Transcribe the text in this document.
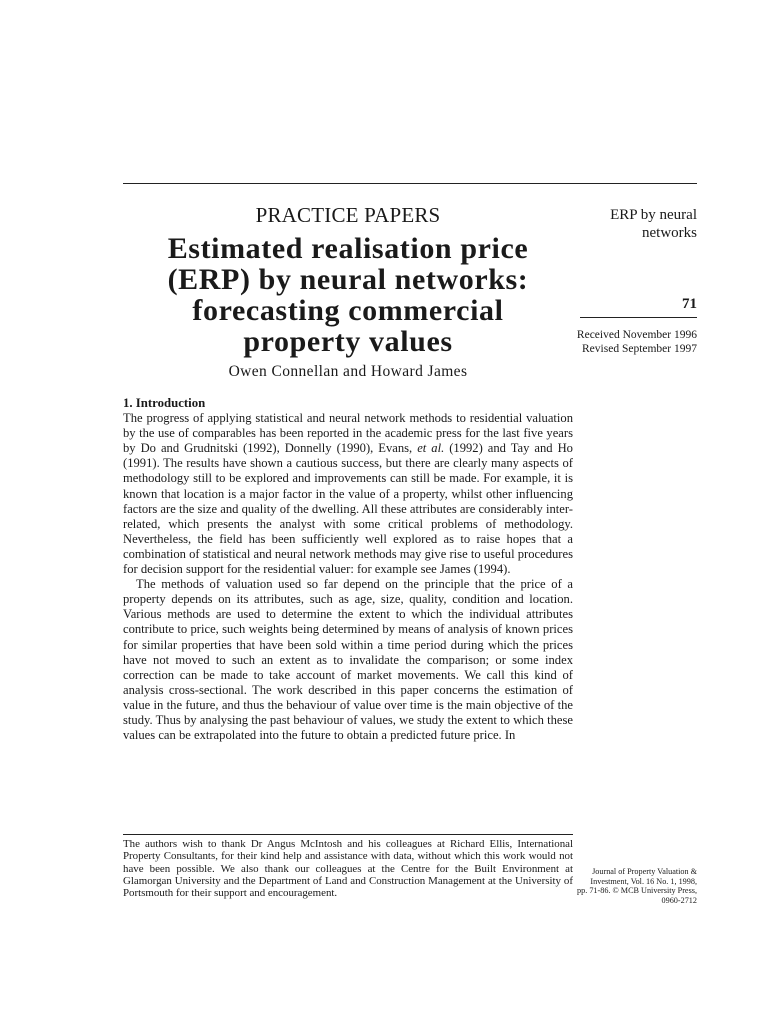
PRACTICE PAPERS
Estimated realisation price
(ERP) by neural networks:
forecasting commercial
property values
Owen Connellan and Howard James
ERP by neural
networks
71
Received November 1996
Revised September 1997

1. Introduction

The progress of applying statistical and neural network methods to residential valuation by the use of comparables has been reported in the academic press for the last five years by Do and Grudnitski (1992), Donnelly (1990), Evans, et al. (1992) and Tay and Ho (1991). The results have shown a cautious success, but there are clearly many aspects of methodology still to be explored and improvements can still be made. For example, it is known that location is a major factor in the value of a property, whilst other influencing factors are the size and quality of the dwelling. All these attributes are considerably inter-related, which presents the analyst with some critical problems of methodology. Nevertheless, the field has been sufficiently well explored as to raise hopes that a combination of statistical and neural network methods may give rise to useful procedures for decision support for the residential valuer: for example see James (1994).

The methods of valuation used so far depend on the principle that the price of a property depends on its attributes, such as age, size, quality, condition and location. Various methods are used to determine the extent to which the individual attributes contribute to price, such weights being determined by means of analysis of known prices for similar properties that have been sold within a time period during which the prices have not moved to such an extent as to invalidate the comparison; or some index correction can be made to take account of market movements. We call this kind of analysis cross-sectional. The work described in this paper concerns the estimation of value in the future, and thus the behaviour of value over time is the main objective of the study. Thus by analysing the past behaviour of values, we study the extent to which these values can be extrapolated into the future to obtain a predicted future price. In

The authors wish to thank Dr Angus McIntosh and his colleagues at Richard Ellis, International Property Consultants, for their kind help and assistance with data, without which this work would not have been possible. We also thank our colleagues at the Centre for the Built Environment at Glamorgan University and the Department of Land and Construction Management at the University of Portsmouth for their support and encouragement.
Journal of Property Valuation &
Investment, Vol. 16 No. 1, 1998,
pp. 71-86. © MCB University Press,
0960-2712
